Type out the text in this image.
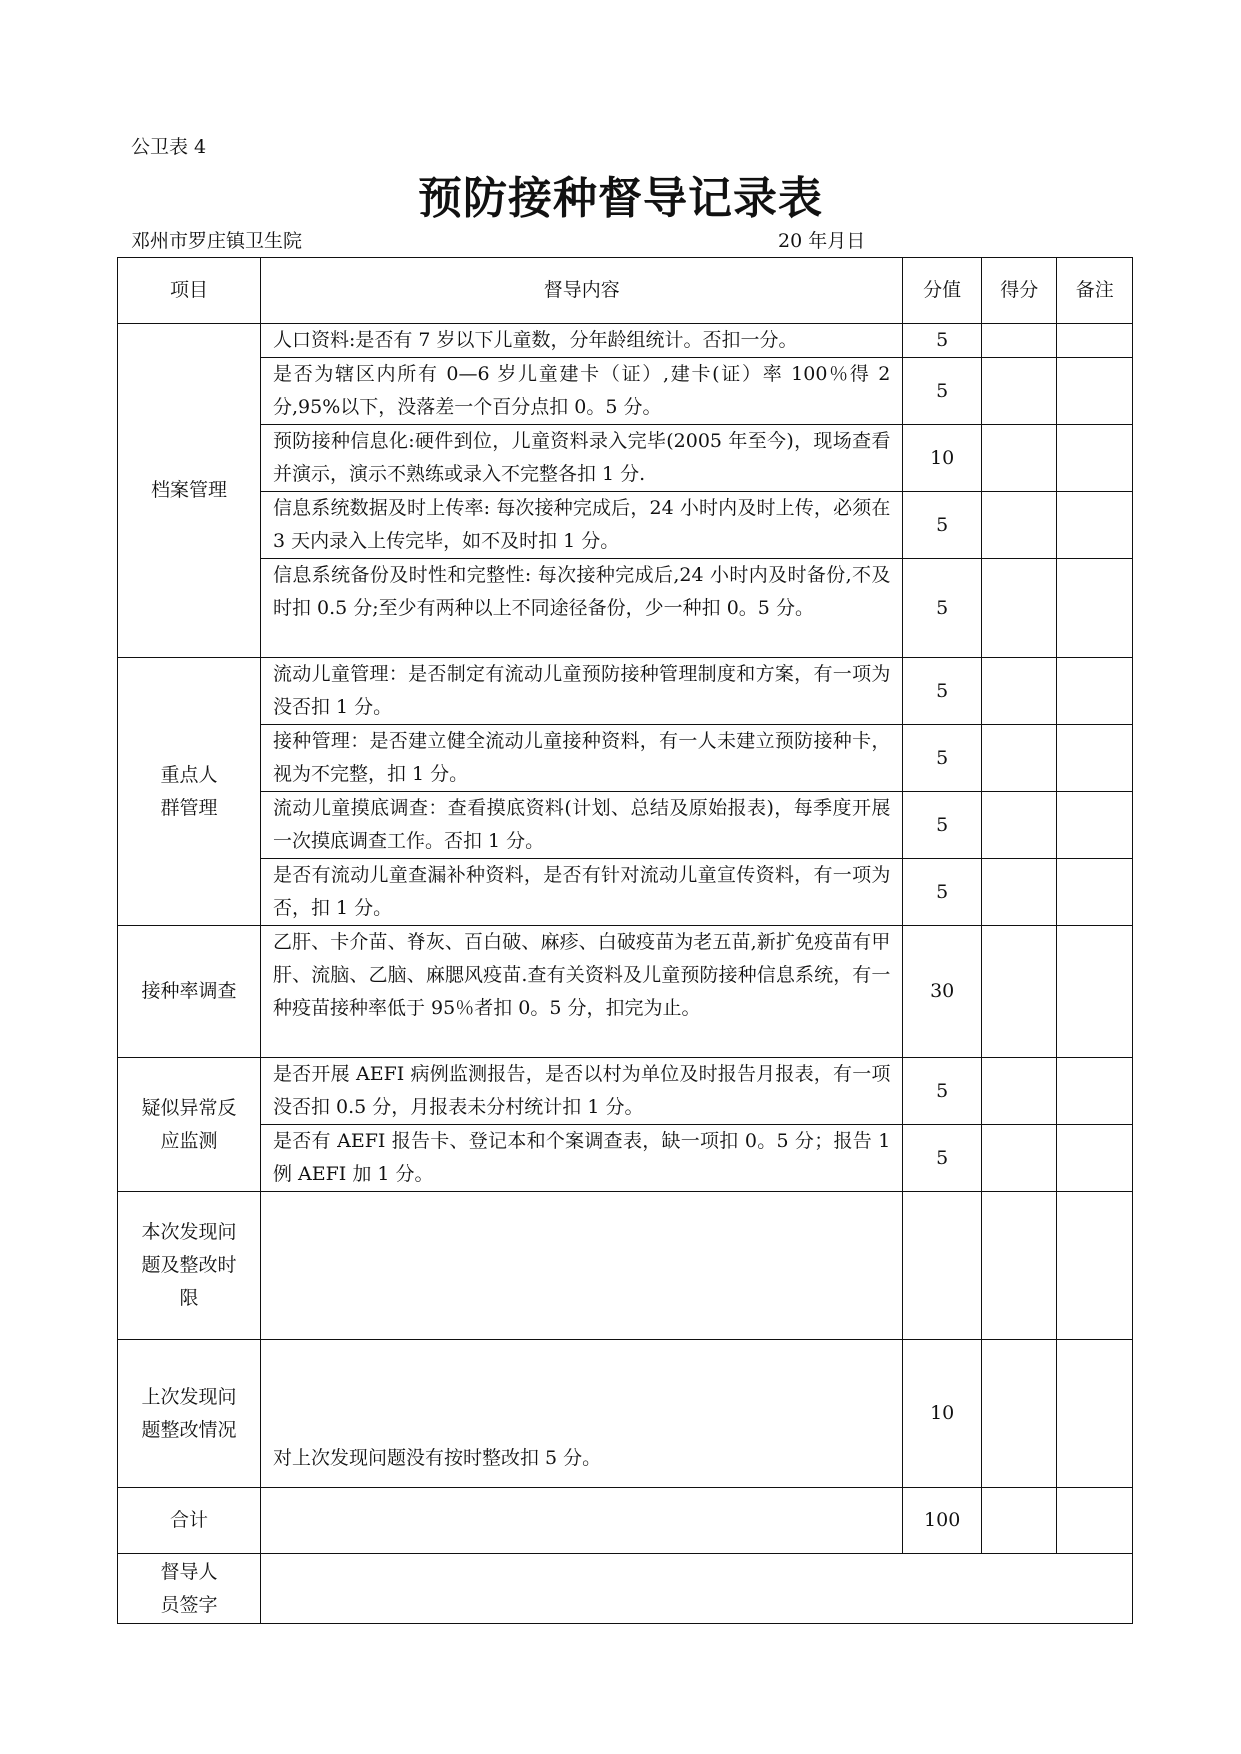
公卫表 4
预防接种督导记录表
邓州市罗庄镇卫生院	20 年月日
项目	督导内容	分值	得分	备注
档案管理	人口资料:是否有 7 岁以下儿童数，分年龄组统计。否扣一分。	5		
	是否为辖区内所有 0—6 岁儿童建卡（证）,建卡(证）率 100％得 2 分,95%以下，没落差一个百分点扣 0。5 分。	5		
	预防接种信息化:硬件到位，儿童资料录入完毕(2005 年至今)，现场查看并演示，演示不熟练或录入不完整各扣 1 分.	10		
	信息系统数据及时上传率: 每次接种完成后，24 小时内及时上传，必须在 3 天内录入上传完毕，如不及时扣 1 分。	5		
	信息系统备份及时性和完整性: 每次接种完成后,24 小时内及时备份,不及时扣 0.5 分;至少有两种以上不同途径备份，少一种扣 0。5 分。	5		
重点人
群管理	流动儿童管理：是否制定有流动儿童预防接种管理制度和方案，有一项为没否扣 1 分。	5		
	接种管理：是否建立健全流动儿童接种资料，有一人未建立预防接种卡，视为不完整，扣 1 分。	5		
	流动儿童摸底调查：查看摸底资料(计划、总结及原始报表)，每季度开展一次摸底调查工作。否扣 1 分。	5		
	是否有流动儿童查漏补种资料，是否有针对流动儿童宣传资料，有一项为否，扣 1 分。	5		
接种率调查	乙肝、卡介苗、脊灰、百白破、麻疹、白破疫苗为老五苗,新扩免疫苗有甲肝、流脑、乙脑、麻腮风疫苗.查有关资料及儿童预防接种信息系统，有一种疫苗接种率低于 95％者扣 0。5 分，扣完为止。	30		
疑似异常反
应监测	是否开展 AEFI 病例监测报告，是否以村为单位及时报告月报表，有一项没否扣 0.5 分，月报表未分村统计扣 1 分。	5		
	是否有 AEFI 报告卡、登记本和个案调查表，缺一项扣 0。5 分；报告 1 例 AEFI 加 1 分。	5		
本次发现问
题及整改时
限				
上次发现问
题整改情况	对上次发现问题没有按时整改扣 5 分。	10		
合计		100		
督导人
员签字				
